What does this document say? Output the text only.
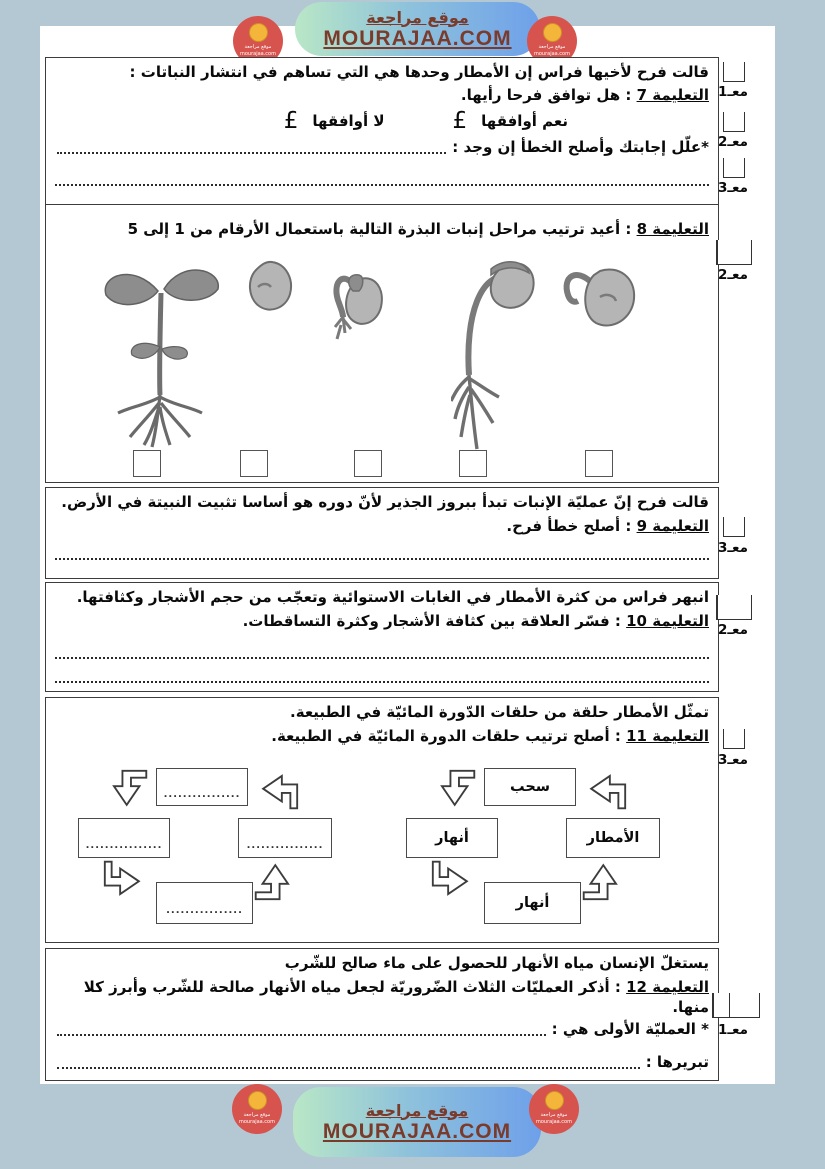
موقع مراجعة
MOURAJAA.COM
موقع مراجعة
mourajaa.com
موقع مراجعة
mourajaa.com
قالت فرح لأخيها فراس إن الأمطار وحدها هي التي تساهم في انتشار النباتات :
التعليمة 7 : هل توافق فرحا رأيها.
نعم أوافقها
£
لا أوافقها
£
*علّل إجابتك وأصلح الخطأ إن وجد :
التعليمة 8 : أعيد ترتيب مراحل إنبات البذرة التالية باستعمال الأرقام من 1 إلى 5
قالت فرح إنّ عمليّة الإنبات تبدأ ببروز الجذير لأنّ دوره هو أساسا تثبيت النبيتة في الأرض.
التعليمة 9 : أصلح خطأ فرح.
انبهر فراس من كثرة الأمطار في الغابات الاستوائية وتعجّب من حجم الأشجار وكثافتها.
التعليمة 10 : فسّر العلاقة بين كثافة الأشجار وكثرة التساقطات.
تمثّل الأمطار حلقة من حلقات الدّورة المائيّة في الطبيعة.
التعليمة 11 : أصلح ترتيب حلقات الدورة المائيّة في الطبيعة.
................
................	................
................
سحب
أنهار	الأمطار
أنهار
يستغلّ الإنسان مياه الأنهار للحصول على ماء صالح للشّرب
التعليمة 12 : أذكر العمليّات الثلاث الضّروريّة لجعل مياه الأنهار صالحة للشّرب وأبرز كلا منها.
* العمليّة الأولى هي :
تبريرها :
معـ1
معـ2
معـ3
معـ2
معـ3
معـ2
معـ3
معـ1
موقع مراجعة
MOURAJAA.COM
موقع مراجعة
mourajaa.com
موقع مراجعة
mourajaa.com
